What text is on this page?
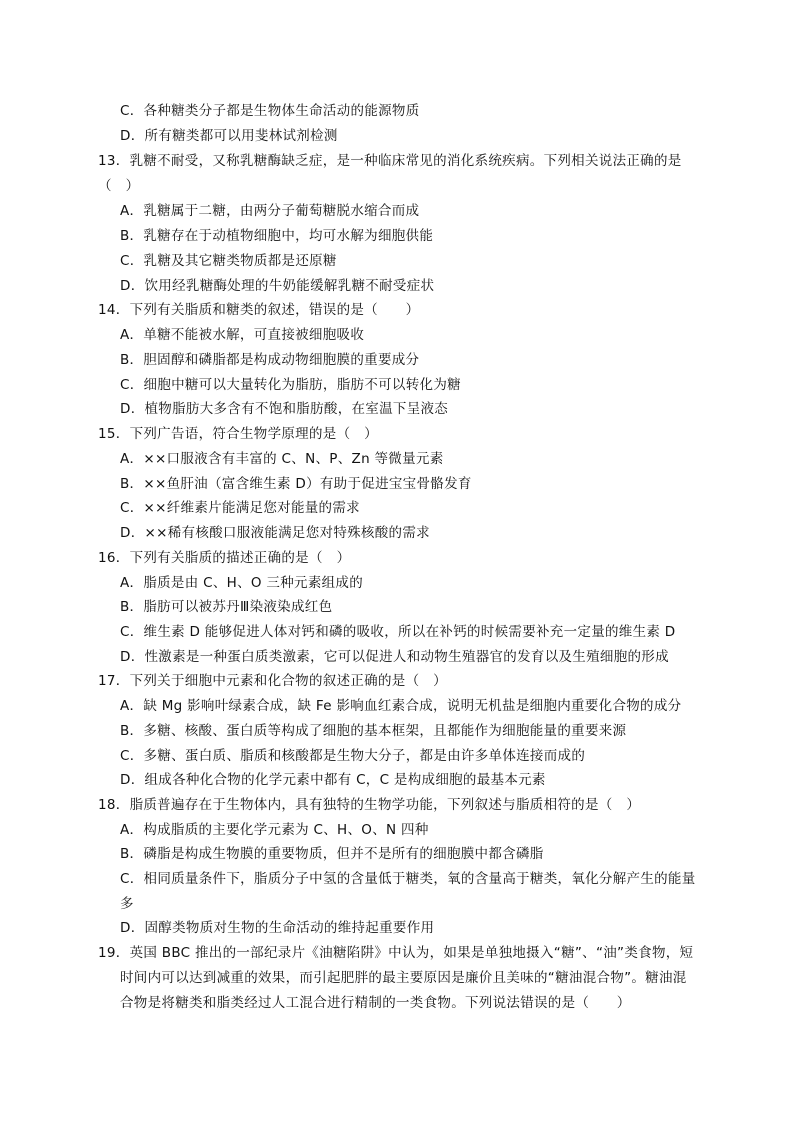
C．各种糖类分子都是生物体生命活动的能源物质
D．所有糖类都可以用斐林试剂检测
13．乳糖不耐受，又称乳糖酶缺乏症，是一种临床常见的消化系统疾病。下列相关说法正确的是
（　）
A．乳糖属于二糖，由两分子葡萄糖脱水缩合而成
B．乳糖存在于动植物细胞中，均可水解为细胞供能
C．乳糖及其它糖类物质都是还原糖
D．饮用经乳糖酶处理的牛奶能缓解乳糖不耐受症状
14．下列有关脂质和糖类的叙述，错误的是（　　）
A．单糖不能被水解，可直接被细胞吸收
B．胆固醇和磷脂都是构成动物细胞膜的重要成分
C．细胞中糖可以大量转化为脂肪，脂肪不可以转化为糖
D．植物脂肪大多含有不饱和脂肪酸，在室温下呈液态
15．下列广告语，符合生物学原理的是（　）
A．××口服液含有丰富的 C、N、P、Zn 等微量元素
B．××鱼肝油（富含维生素 D）有助于促进宝宝骨骼发育
C．××纤维素片能满足您对能量的需求
D．××稀有核酸口服液能满足您对特殊核酸的需求
16．下列有关脂质的描述正确的是（　）
A．脂质是由 C、H、O 三种元素组成的
B．脂肪可以被苏丹Ⅲ染液染成红色
C．维生素 D 能够促进人体对钙和磷的吸收，所以在补钙的时候需要补充一定量的维生素 D
D．性激素是一种蛋白质类激素，它可以促进人和动物生殖器官的发育以及生殖细胞的形成
17．下列关于细胞中元素和化合物的叙述正确的是（　）
A．缺 Mg 影响叶绿素合成，缺 Fe 影响血红素合成，说明无机盐是细胞内重要化合物的成分
B．多糖、核酸、蛋白质等构成了细胞的基本框架，且都能作为细胞能量的重要来源
C．多糖、蛋白质、脂质和核酸都是生物大分子，都是由许多单体连接而成的
D．组成各种化合物的化学元素中都有 C，C 是构成细胞的最基本元素
18．脂质普遍存在于生物体内，具有独特的生物学功能，下列叙述与脂质相符的是（　）
A．构成脂质的主要化学元素为 C、H、O、N 四种
B．磷脂是构成生物膜的重要物质，但并不是所有的细胞膜中都含磷脂
C．相同质量条件下，脂质分子中氢的含量低于糖类，氧的含量高于糖类，氧化分解产生的能量
多
D．固醇类物质对生物的生命活动的维持起重要作用
19．英国 BBC 推出的一部纪录片《油糖陷阱》中认为，如果是单独地摄入“糖”、“油”类食物，短
时间内可以达到减重的效果，而引起肥胖的最主要原因是廉价且美味的“糖油混合物”。糖油混
合物是将糖类和脂类经过人工混合进行精制的一类食物。下列说法错误的是（　　）
